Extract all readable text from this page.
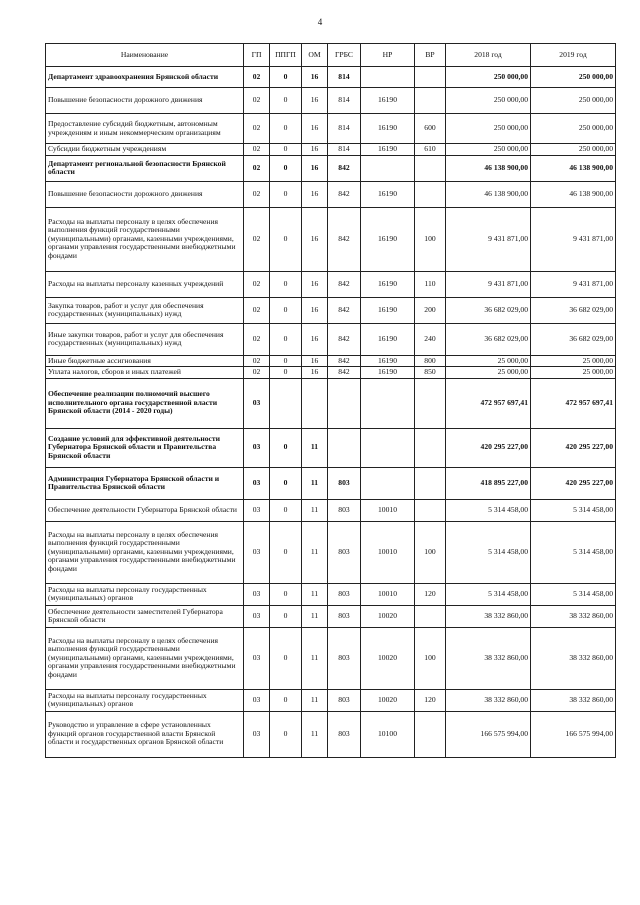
4
Наименование	ГП	ППГП	ОМ	ГРБС	НР	ВР	2018 год	2019 год
Департамент здравоохранения Брянской области	02	0	16	814			250 000,00	250 000,00
Повышение безопасности дорожного движения	02	0	16	814	16190		250 000,00	250 000,00
Предоставление субсидий бюджетным, автономным учреждениям и иным некоммерческим организациям	02	0	16	814	16190	600	250 000,00	250 000,00
Субсидии бюджетным учреждениям	02	0	16	814	16190	610	250 000,00	250 000,00
Департамент региональной безопасности Брянской области	02	0	16	842			46 138 900,00	46 138 900,00
Повышение безопасности дорожного движения	02	0	16	842	16190		46 138 900,00	46 138 900,00
Расходы на выплаты персоналу в целях обеспечения выполнения функций государственными (муниципальными) органами, казенными учреждениями, органами управления государственными внебюджетными фондами	02	0	16	842	16190	100	9 431 871,00	9 431 871,00
Расходы на выплаты персоналу казенных учреждений	02	0	16	842	16190	110	9 431 871,00	9 431 871,00
Закупка товаров, работ и услуг для обеспечения государственных (муниципальных) нужд	02	0	16	842	16190	200	36 682 029,00	36 682 029,00
Иные закупки товаров, работ и услуг для обеспечения государственных (муниципальных) нужд	02	0	16	842	16190	240	36 682 029,00	36 682 029,00
Иные бюджетные ассигнования	02	0	16	842	16190	800	25 000,00	25 000,00
Уплата налогов, сборов и иных платежей	02	0	16	842	16190	850	25 000,00	25 000,00
Обеспечение реализации полномочий высшего исполнительного органа государственной власти Брянской области (2014 - 2020 годы)	03						472 957 697,41	472 957 697,41
Создание условий для эффективной деятельности Губернатора Брянской области и Правительства Брянской области	03	0	11				420 295 227,00	420 295 227,00
Администрация Губернатора Брянской области и Правительства Брянской области	03	0	11	803			418 895 227,00	420 295 227,00
Обеспечение деятельности Губернатора Брянской области	03	0	11	803	10010		5 314 458,00	5 314 458,00
Расходы на выплаты персоналу в целях обеспечения выполнения функций государственными (муниципальными) органами, казенными учреждениями, органами управления государственными внебюджетными фондами	03	0	11	803	10010	100	5 314 458,00	5 314 458,00
Расходы на выплаты персоналу государственных (муниципальных) органов	03	0	11	803	10010	120	5 314 458,00	5 314 458,00
Обеспечение деятельности заместителей Губернатора Брянской области	03	0	11	803	10020		38 332 860,00	38 332 860,00
Расходы на выплаты персоналу в целях обеспечения выполнения функций государственными (муниципальными) органами, казенными учреждениями, органами управления государственными внебюджетными фондами	03	0	11	803	10020	100	38 332 860,00	38 332 860,00
Расходы на выплаты персоналу государственных (муниципальных) органов	03	0	11	803	10020	120	38 332 860,00	38 332 860,00
Руководство и управление в сфере установленных функций органов государственной власти Брянской области и государственных органов Брянской области	03	0	11	803	10100		166 575 994,00	166 575 994,00
